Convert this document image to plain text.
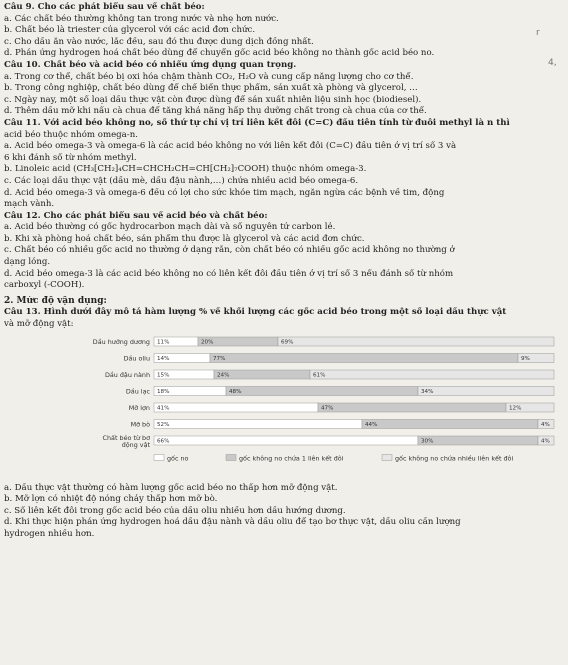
Câu 9. Cho các phát biểu sau về chất béo:
a. Các chất béo thường không tan trong nước và nhẹ hơn nước.
b. Chất béo là triester của glycerol với các acid đơn chức.
c. Cho dầu ăn vào nước, lắc đều, sau đó thu được dung dịch đồng nhất.
d. Phản ứng hydrogen hoá chất béo dùng để chuyển gốc acid béo không no thành gốc acid béo no.
Câu 10. Chất béo và acid béo có nhiều ứng dụng quan trọng.
a. Trong cơ thể, chất béo bị oxi hóa chậm thành CO₂, H₂O và cung cấp năng lượng cho cơ thể.
b. Trong công nghiệp, chất béo dùng để chế biến thực phẩm, sản xuất xà phòng và glycerol, …
c. Ngày nay, một số loại dầu thực vật còn được dùng để sản xuất nhiên liệu sinh học (biodiesel).
d. Thêm dầu mỡ khi nấu cà chua để tăng khả năng hấp thụ dưỡng chất trong cà chua của cơ thể.
Câu 11. Với acid béo không no, số thứ tự chỉ vị trí liên kết đôi (C=C) đầu tiên tính từ đuôi methyl là n thì
acid béo thuộc nhóm omega-n.
a. Acid béo omega-3 và omega-6 là các acid béo không no với liên kết đôi (C=C) đầu tiên ở vị trí số 3 và
6 khi đánh số từ nhóm methyl.
b. Linoleic acid (CH₃[CH₂]₄CH=CHCH₂CH=CH[CH₂]₇COOH) thuộc nhóm omega-3.
c. Các loại dầu thực vật (dầu mè, dầu đậu nành,…) chứa nhiều acid béo omega-6.
d. Acid béo omega-3 và omega-6 đều có lợi cho sức khỏe tim mạch, ngăn ngừa các bệnh về tim, động
mạch vành.
Câu 12. Cho các phát biểu sau về acid béo và chất béo:
a. Acid béo thường có gốc hydrocarbon mạch dài và số nguyên tử carbon lẻ.
b. Khi xà phòng hoá chất béo, sản phẩm thu được là glycerol và các acid đơn chức.
c. Chất béo có nhiều gốc acid no thường ở dạng rắn, còn chất béo có nhiều gốc acid không no thường ở
dạng lỏng.
d. Acid béo omega-3 là các acid béo không no có liên kết đôi đầu tiên ở vị trí số 3 nếu đánh số từ nhóm
carboxyl (-COOH).
2. Mức độ vận dụng:
Câu 13. Hình dưới đây mô tả hàm lượng % về khối lượng các gốc acid béo trong một số loại dầu thực vật
và mỡ động vật:
Dầu hướng dương 11%	20%	69%
Dầu oliu 14%	77%	9%
Dầu đậu nành 15%	24%	61%
Dầu lạc 18%	48%	34%
Mỡ lợn 41%	47%	12%
Mỡ bò 52%	44%	4%
Chất béo từ bơ
động vật 66%	30%	4%
gốc no	gốc không no chứa 1 liên kết đôi	gốc không no chứa nhiều liên kết đôi
a. Dầu thực vật thường có hàm lượng gốc acid béo no thấp hơn mỡ động vật.
b. Mỡ lợn có nhiệt độ nóng chảy thấp hơn mỡ bò.
c. Số liên kết đôi trong gốc acid béo của dầu oliu nhiều hơn dầu hướng dương.
d. Khi thực hiện phản ứng hydrogen hoá dầu đậu nành và dầu oliu để tạo bơ thực vật, dầu oliu cần lượng
hydrogen nhiều hơn.
r
4,
